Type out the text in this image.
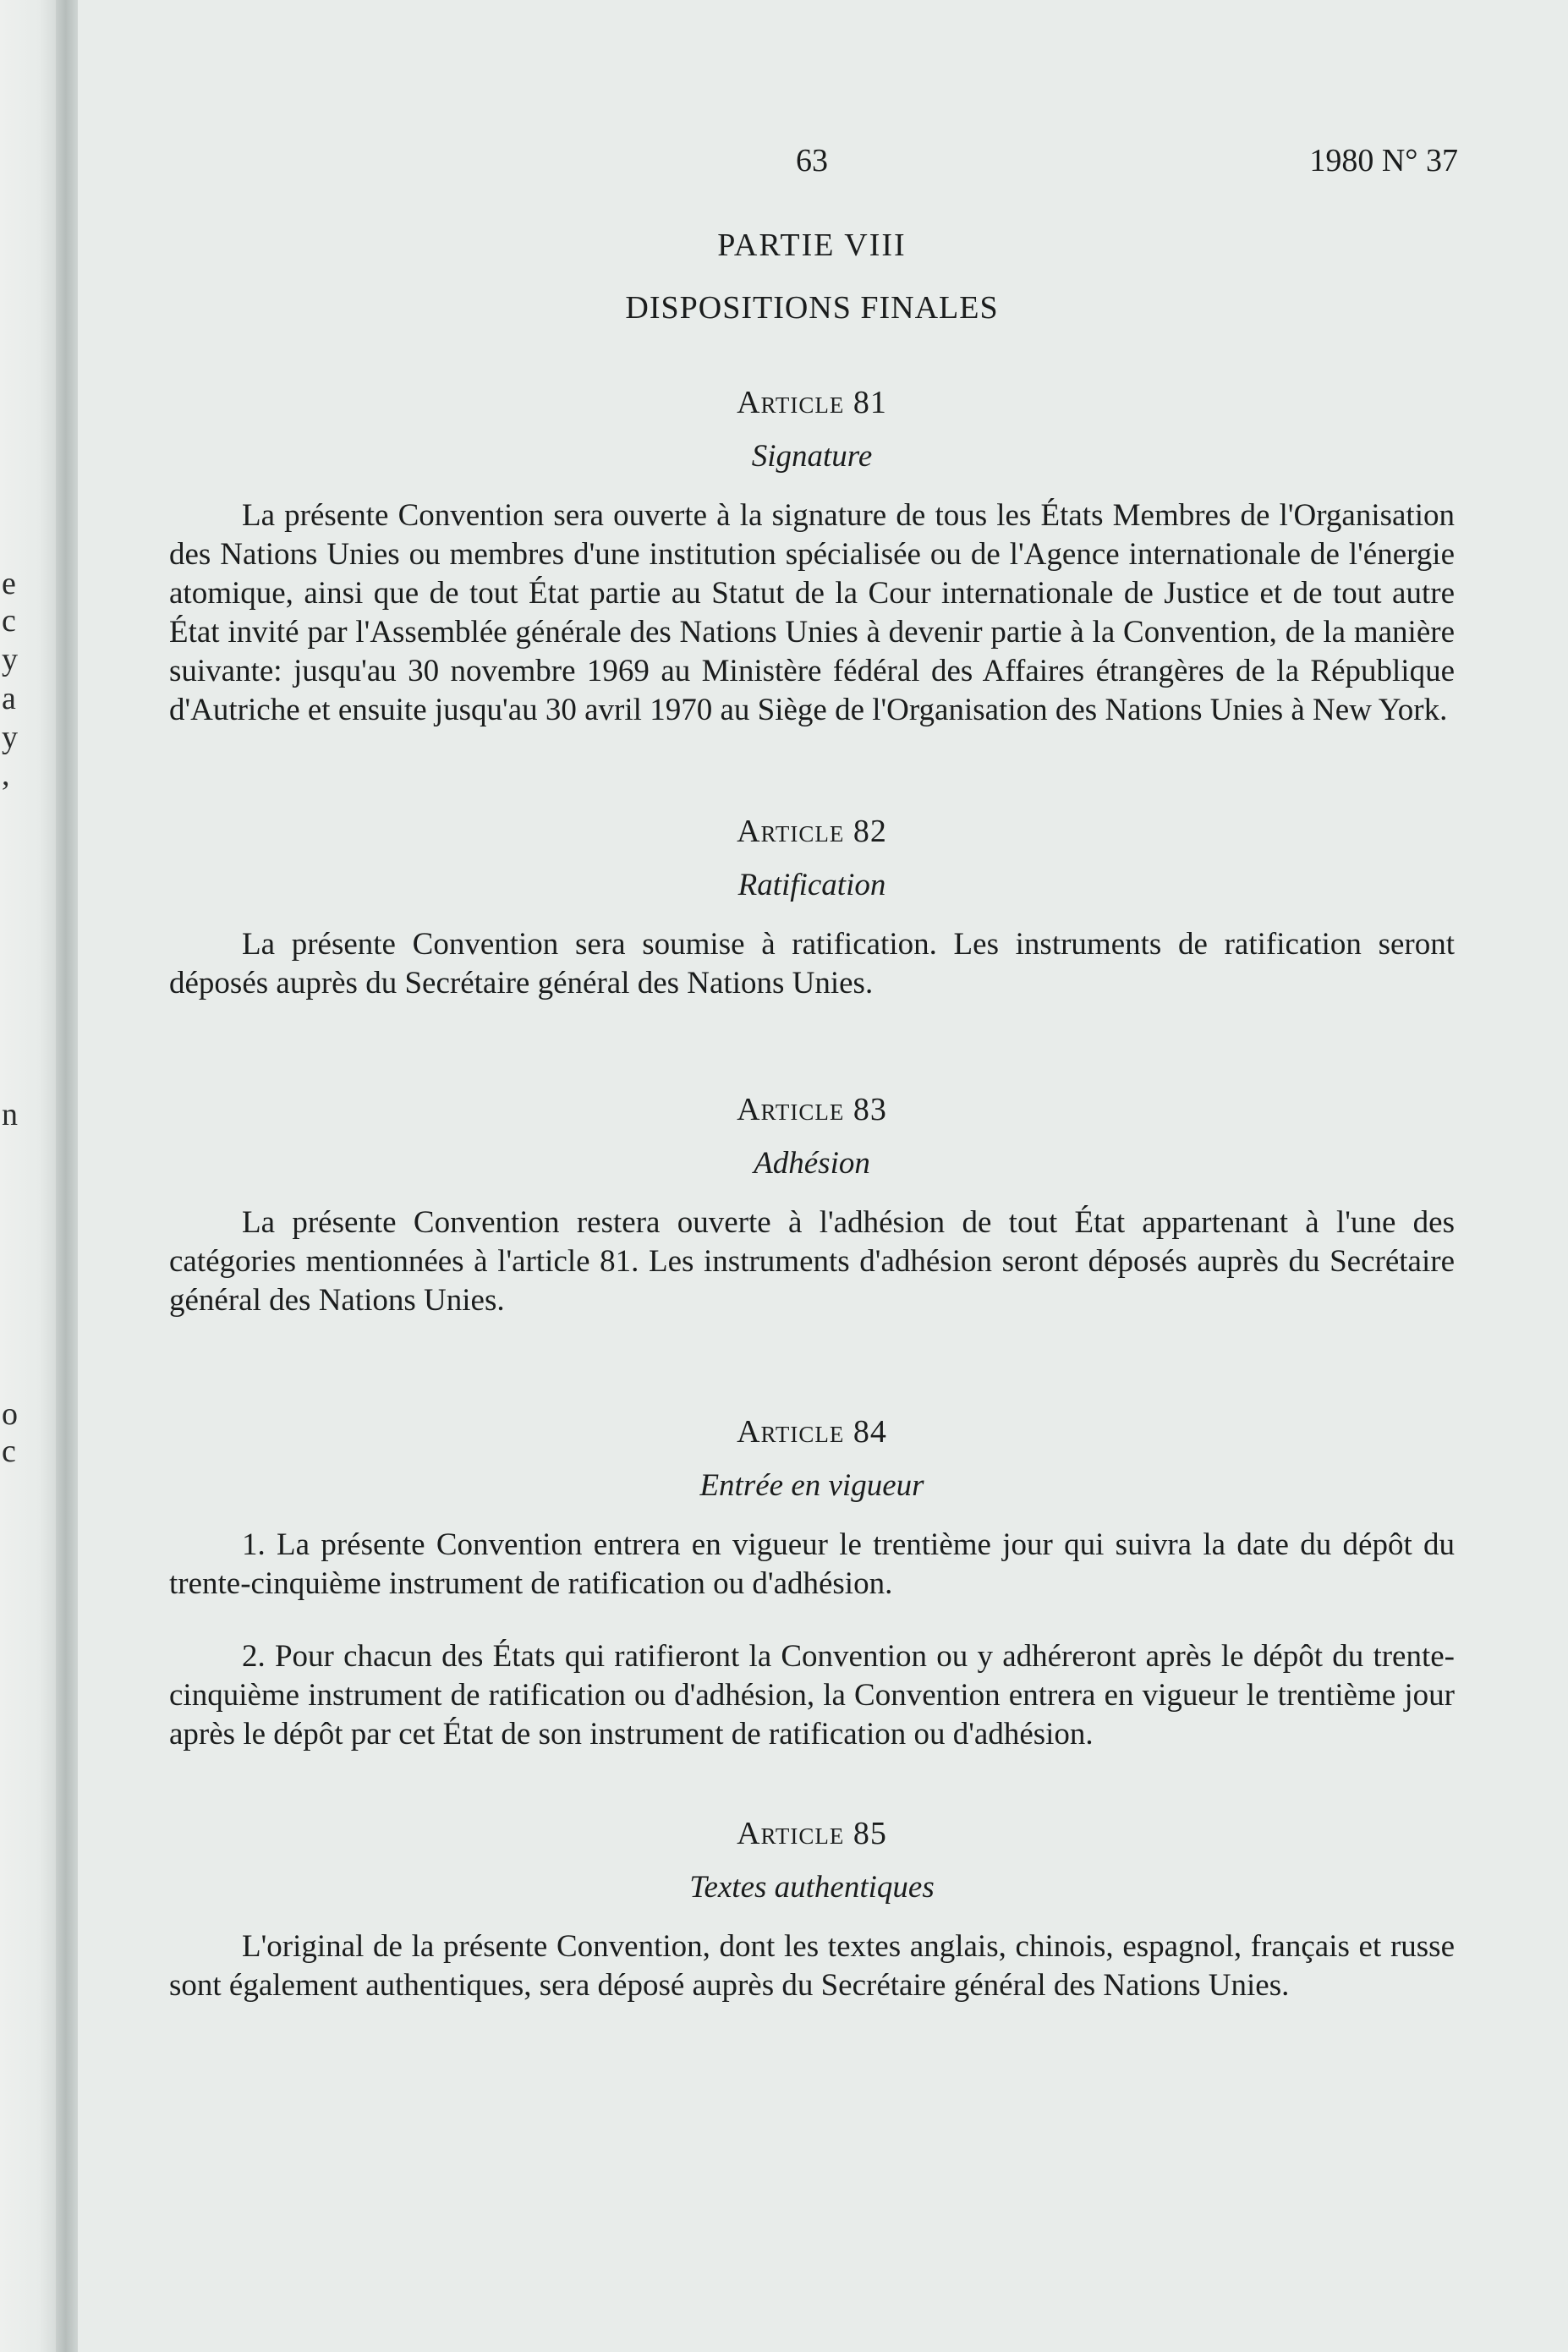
e
c
y
a
y
,
n
o
c
63	1980 N° 37
PARTIE VIII
DISPOSITIONS FINALES
Article 81
Signature

La présente Convention sera ouverte à la signature de tous les États Membres de l'Organisation des Nations Unies ou membres d'une institution spécialisée ou de l'Agence internationale de l'énergie atomique, ainsi que de tout État partie au Statut de la Cour internationale de Justice et de tout autre État invité par l'Assemblée générale des Nations Unies à devenir partie à la Convention, de la manière suivante: jusqu'au 30 novembre 1969 au Ministère fédéral des Affaires étrangères de la République d'Autriche et ensuite jusqu'au 30 avril 1970 au Siège de l'Organisation des Nations Unies à New York.

Article 82
Ratification

La présente Convention sera soumise à ratification. Les instruments de ratification seront déposés auprès du Secrétaire général des Nations Unies.

Article 83
Adhésion

La présente Convention restera ouverte à l'adhésion de tout État appartenant à l'une des catégories mentionnées à l'article 81. Les instruments d'adhésion seront déposés auprès du Secrétaire général des Nations Unies.

Article 84
Entrée en vigueur

1. La présente Convention entrera en vigueur le trentième jour qui suivra la date du dépôt du trente-cinquième instrument de ratification ou d'adhésion.

2. Pour chacun des États qui ratifieront la Convention ou y adhéreront après le dépôt du trente-cinquième instrument de ratification ou d'adhésion, la Convention entrera en vigueur le trentième jour après le dépôt par cet État de son instrument de ratification ou d'adhésion.

Article 85
Textes authentiques

L'original de la présente Convention, dont les textes anglais, chinois, espagnol, français et russe sont également authentiques, sera déposé auprès du Secrétaire général des Nations Unies.
